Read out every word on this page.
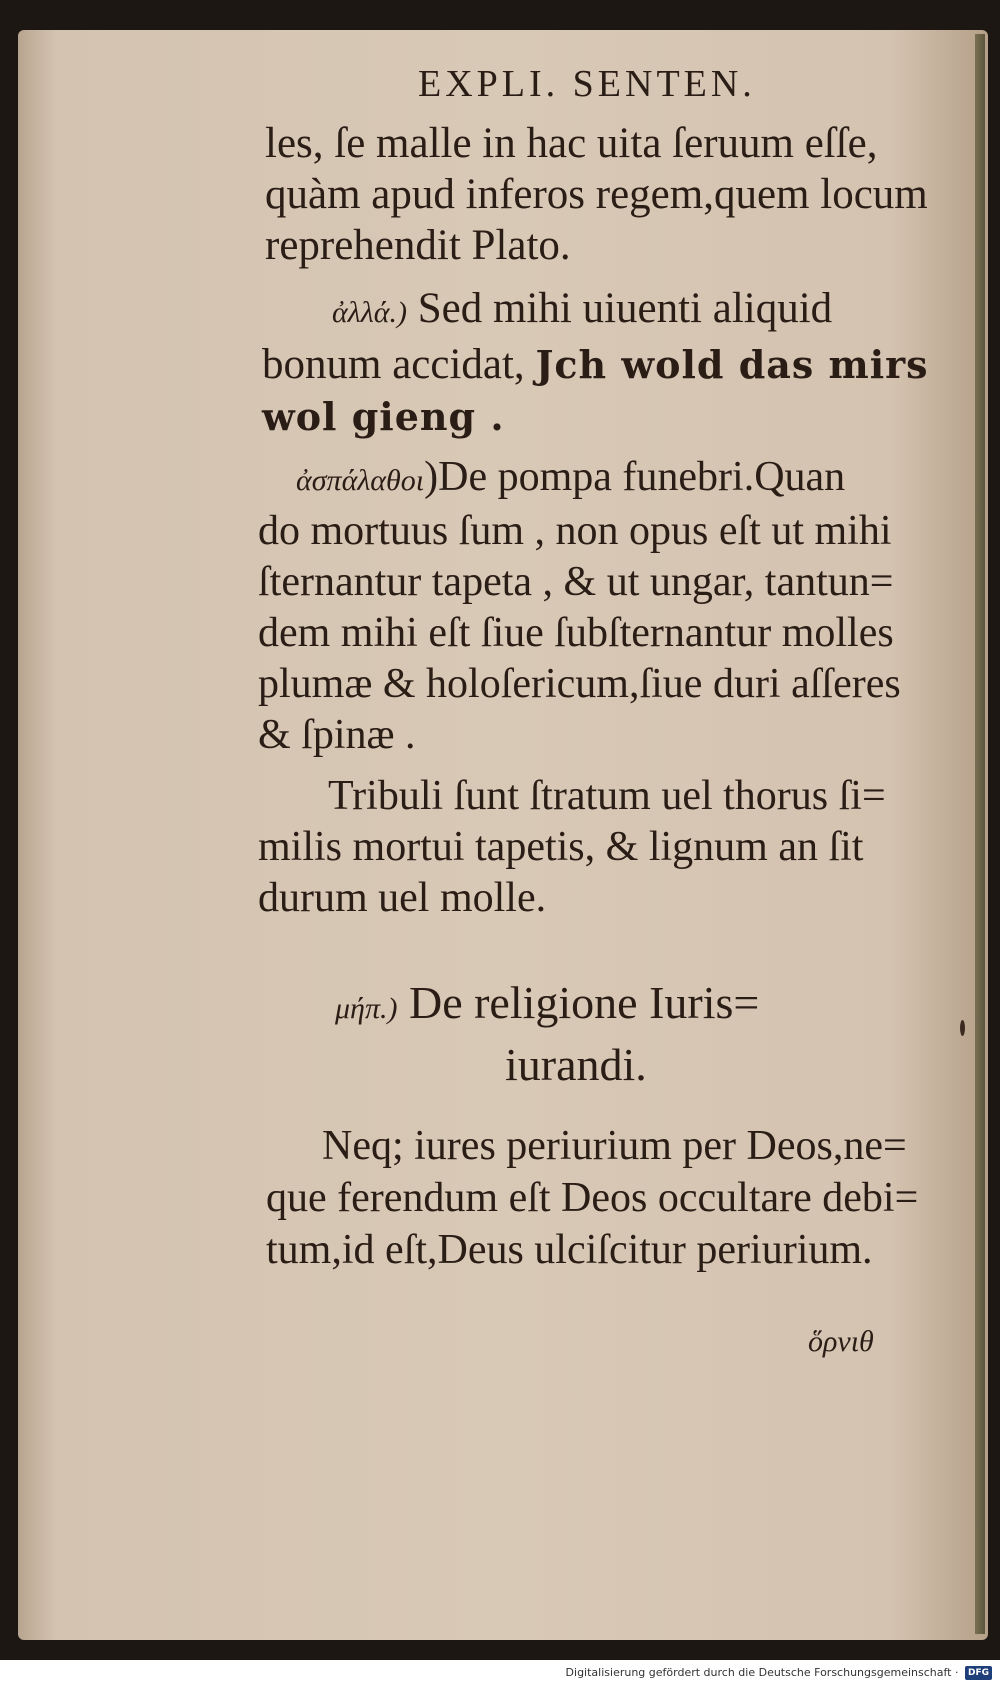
EXPLI. SENTEN.
les, ſe malle in hac uita ſeruum eſſe,
quàm apud inferos regem,quem locum
reprehendit Plato.
ἀλλά.) Sed mihi uiuenti aliquid
bonum accidat, Jch wold das mirs
wol gieng .
ἀσπάλαθοι)De pompa funebri.Quan
do mortuus ſum , non opus eſt ut mihi
ſternantur tapeta , & ut ungar, tantun=
dem mihi eſt ſiue ſubſternantur molles
plumæ & holoſericum,ſiue duri aſſeres
& ſpinæ .
Tribuli ſunt ſtratum uel thorus ſi=
milis mortui tapetis, & lignum an ſit
durum uel molle.
μήπ.) De religione Iuris=
iurandi.
Neq; iures periurium per Deos,ne=
que ferendum eſt Deos occultare debi=
tum,id eſt,Deus ulciſcitur periurium.
ὅρνιθ
Digitalisierung gefördert durch die Deutsche Forschungsgemeinschaft · DFG
